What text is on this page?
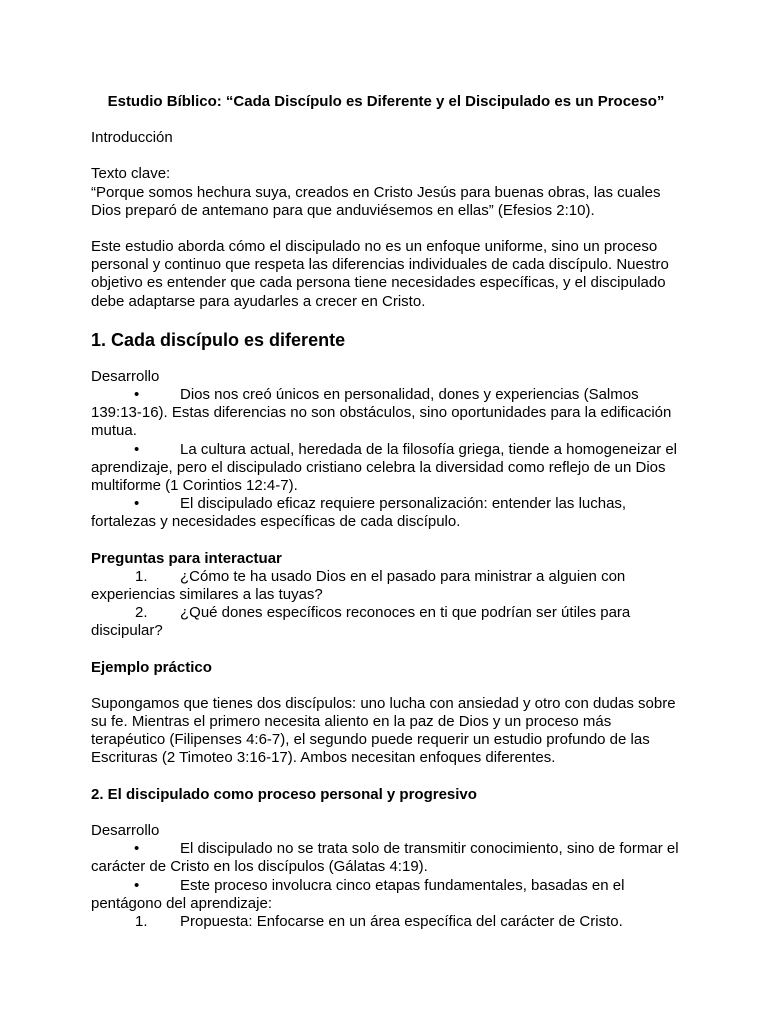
Estudio Bíblico: “Cada Discípulo es Diferente y el Discipulado es un Proceso”

Introducción

Texto clave:

“Porque somos hechura suya, creados en Cristo Jesús para buenas obras, las cuales Dios preparó de antemano para que anduviésemos en ellas” (Efesios 2:10).

Este estudio aborda cómo el discipulado no es un enfoque uniforme, sino un proceso personal y continuo que respeta las diferencias individuales de cada discípulo. Nuestro objetivo es entender que cada persona tiene necesidades específicas, y el discipulado debe adaptarse para ayudarles a crecer en Cristo.

1. Cada discípulo es diferente

Desarrollo

•	Dios nos creó únicos en personalidad, dones y experiencias (Salmos 139:13-16). Estas diferencias no son obstáculos, sino oportunidades para la edificación mutua.

•	La cultura actual, heredada de la filosofía griega, tiende a homogeneizar el aprendizaje, pero el discipulado cristiano celebra la diversidad como reflejo de un Dios multiforme (1 Corintios 12:4-7).

•	El discipulado eficaz requiere personalización: entender las luchas, fortalezas y necesidades específicas de cada discípulo.

Preguntas para interactuar

1. ¿Cómo te ha usado Dios en el pasado para ministrar a alguien con experiencias similares a las tuyas?

2. ¿Qué dones específicos reconoces en ti que podrían ser útiles para discipular?

Ejemplo práctico

Supongamos que tienes dos discípulos: uno lucha con ansiedad y otro con dudas sobre su fe. Mientras el primero necesita aliento en la paz de Dios y un proceso más terapéutico (Filipenses 4:6-7), el segundo puede requerir un estudio profundo de las Escrituras (2 Timoteo 3:16-17). Ambos necesitan enfoques diferentes.

2. El discipulado como proceso personal y progresivo

Desarrollo

•	El discipulado no se trata solo de transmitir conocimiento, sino de formar el carácter de Cristo en los discípulos (Gálatas 4:19).

•	Este proceso involucra cinco etapas fundamentales, basadas en el pentágono del aprendizaje:

1. Propuesta: Enfocarse en un área específica del carácter de Cristo.
